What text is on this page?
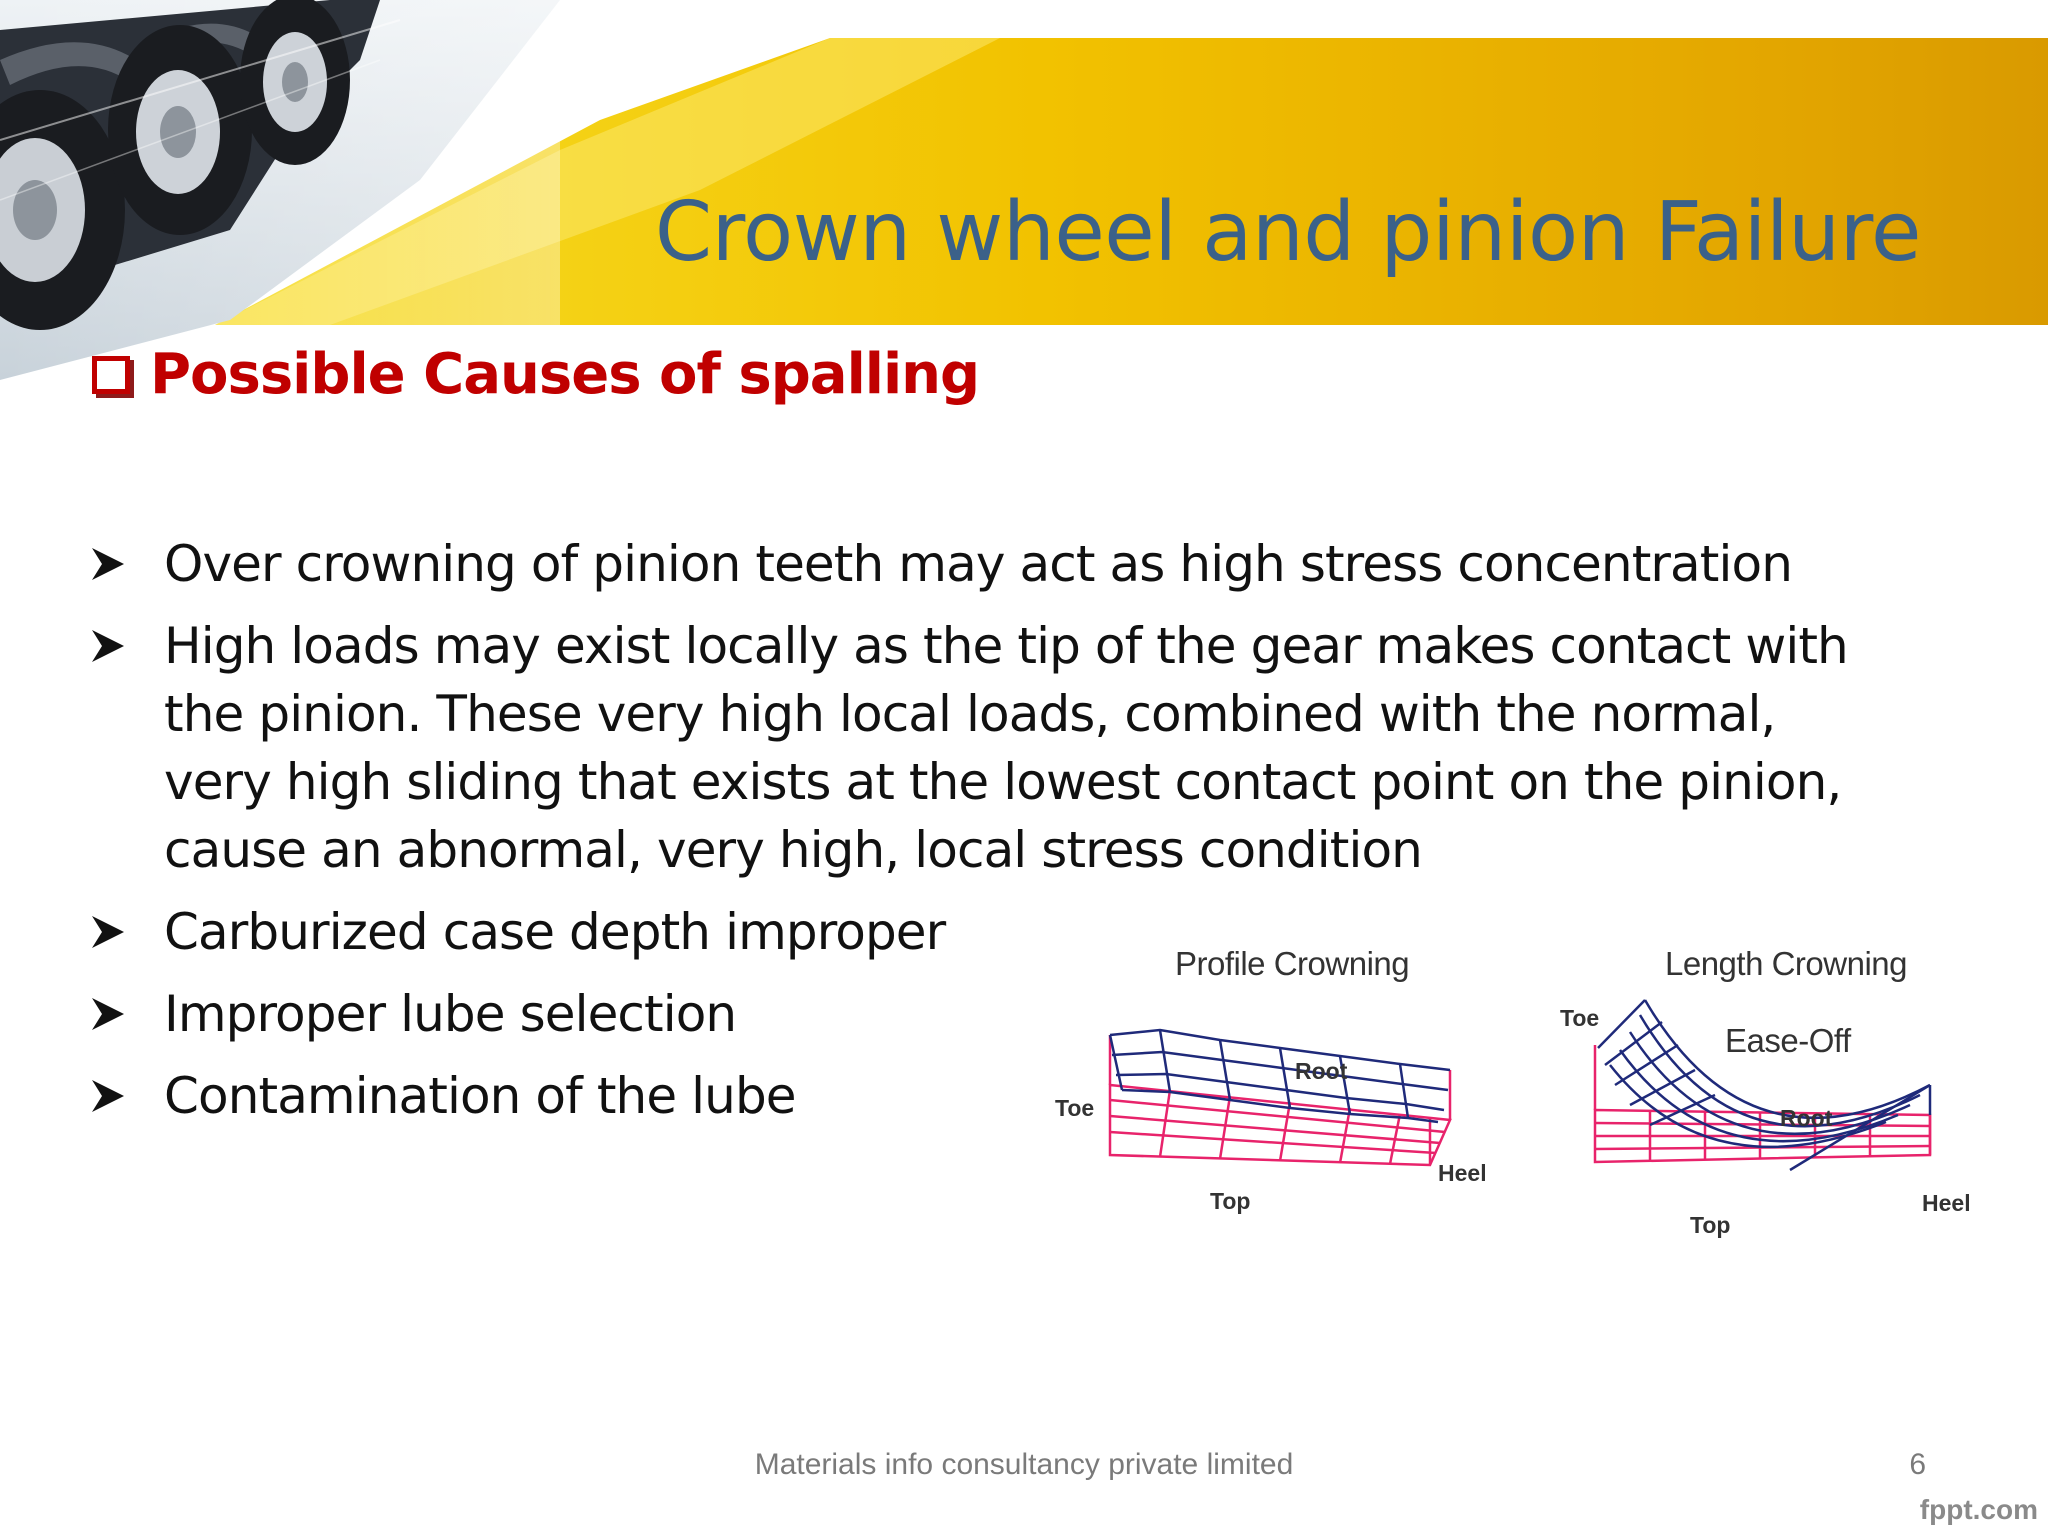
Crown wheel and pinion Failure
Possible Causes of spalling
Over crowning of pinion teeth may act as high stress concentration
High loads may exist locally as the tip of the gear makes contact with the pinion. These very high local loads, combined with the normal, very high sliding that exists at the lowest contact point on the pinion, cause an abnormal, very high, local stress condition
Carburized case depth improper
Improper lube selection
Contamination of the lube
Profile Crowning
Root
Toe
Heel
Top
Length Crowning
Ease-Off
Toe
Root
Heel
Top
Materials info consultancy private limited	6
fppt.com
